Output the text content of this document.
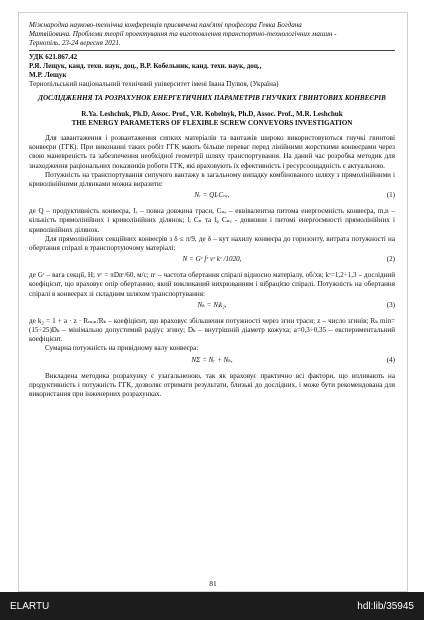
Міжнародна науково-технічна конференція присвячена пам'яті професора Гевка Богдана
Матвійовича. Проблеми теорії проектування та виготовлення транспортно-технологічних машин -
Тернопіль, 23-24 вересня 2021.
УДК 621.867.42
Р.Я. Лещук, канд. техн. наук, доц., В.Р. Кобельник, канд. техн. наук, доц.,
М.Р. Лещук
Тернопільський національний технічний університет імені Івана Пулюя, (Україна)
ДОСЛІДЖЕННЯ ТА РОЗРАХУНОК ЕНЕРГЕТИЧНИХ ПАРАМЕТРІВ ГНУЧКИХ ГВИНТОВИХ КОНВЕЄРІВ
R.Ya. Leshchuk, Ph.D, Assoc. Prof., V.R. Kobelnyk, Ph.D, Assoc. Prof., M.R. Leshchuk
THE ENERGY PARAMETERS OF FLEXIBLE SCREW CONVEYORS INVESTIGATION
Для завантаження і розвантаження сипких матеріалів та вантажів широко використовуються гнучкі гвинтові конвеєри (ГГК). При виконанні таких робіт ГГК мають більше переваг перед лінійними жорсткими конвеєрами через свою маневреність та забезпечення необхідної геометрії шляху транспортування. На даний час розробка методик для знаходження раціональних показників роботи ГГК, які враховують їх ефективність і ресурсоощадність є актуальною.
Потужність на транспортування сипучого вантажу в загальному випадку комбінованого шляху з прямолінійними і криволінійними ділянками можна виразити:
Nᵣ = QIᵣCₙₑ,	(1)
де Q – продуктивність конвеєра, Iᵣ – повна довжина траси, Cₙₑ – еквівалентна питома енергоємність конвеєра, m,n – кількість прямолінійних і криволінійних ділянок; lᵢ Cₙ та lᵩ Cₙₑ - довжини і питомі енергоємності прямолінійних і криволінійних ділянок.
Для прямолінійних секційних конвеєрів з δ ≤ π/9, де δ – кут нахилу конвеєра до горизонту, витрата потужності на обертання спіралі в транспортуючому матеріалі:
N = Gᶜ fᶜ vᶜ kᶜ /1020,	(2)
де Gᶜ – вага секції, Н; vᶜ = πDnᶜ/60, м/с; nᶜ – частота обертання спіралі відносно матеріалу, об/хв; kᶜ=1,2÷1,3 – дослідний коефіцієнт, що враховує опір обертанню, який викликаний вихрюванням і вібрацією спіралі. Потужність на обертання спіралі в конвеєрах зі складним шляхом транспортування:
Nₖ = Nᵢk₂,	(3)
де k₂ = 1 + a · z · Rₘᵢₙ/Rₖ – коефіцієнт, що враховує збільшення потужності через згин траси; z – число згинів; Rₖ min=(15÷25)Dₖ – мінімально допустимий радіус згину; Dₖ – внутрішній діаметр кожуха; a=0,3÷0,35 – експериментальний коефіцієнт.
Сумарна потужність на привідному валу конвеєра:
NΣ = Nᵣ + Nₖ,	(4)
Викладена методика розрахунку є узагальненою, так як враховує практично всі фактори, що впливають на продуктивність і потужність ГГК, дозволяє отримати результати, близькі до дослідних, і може бути рекомендована для використання при інженерних розрахунках.
81
ELARTU	hdl:lib/35945
